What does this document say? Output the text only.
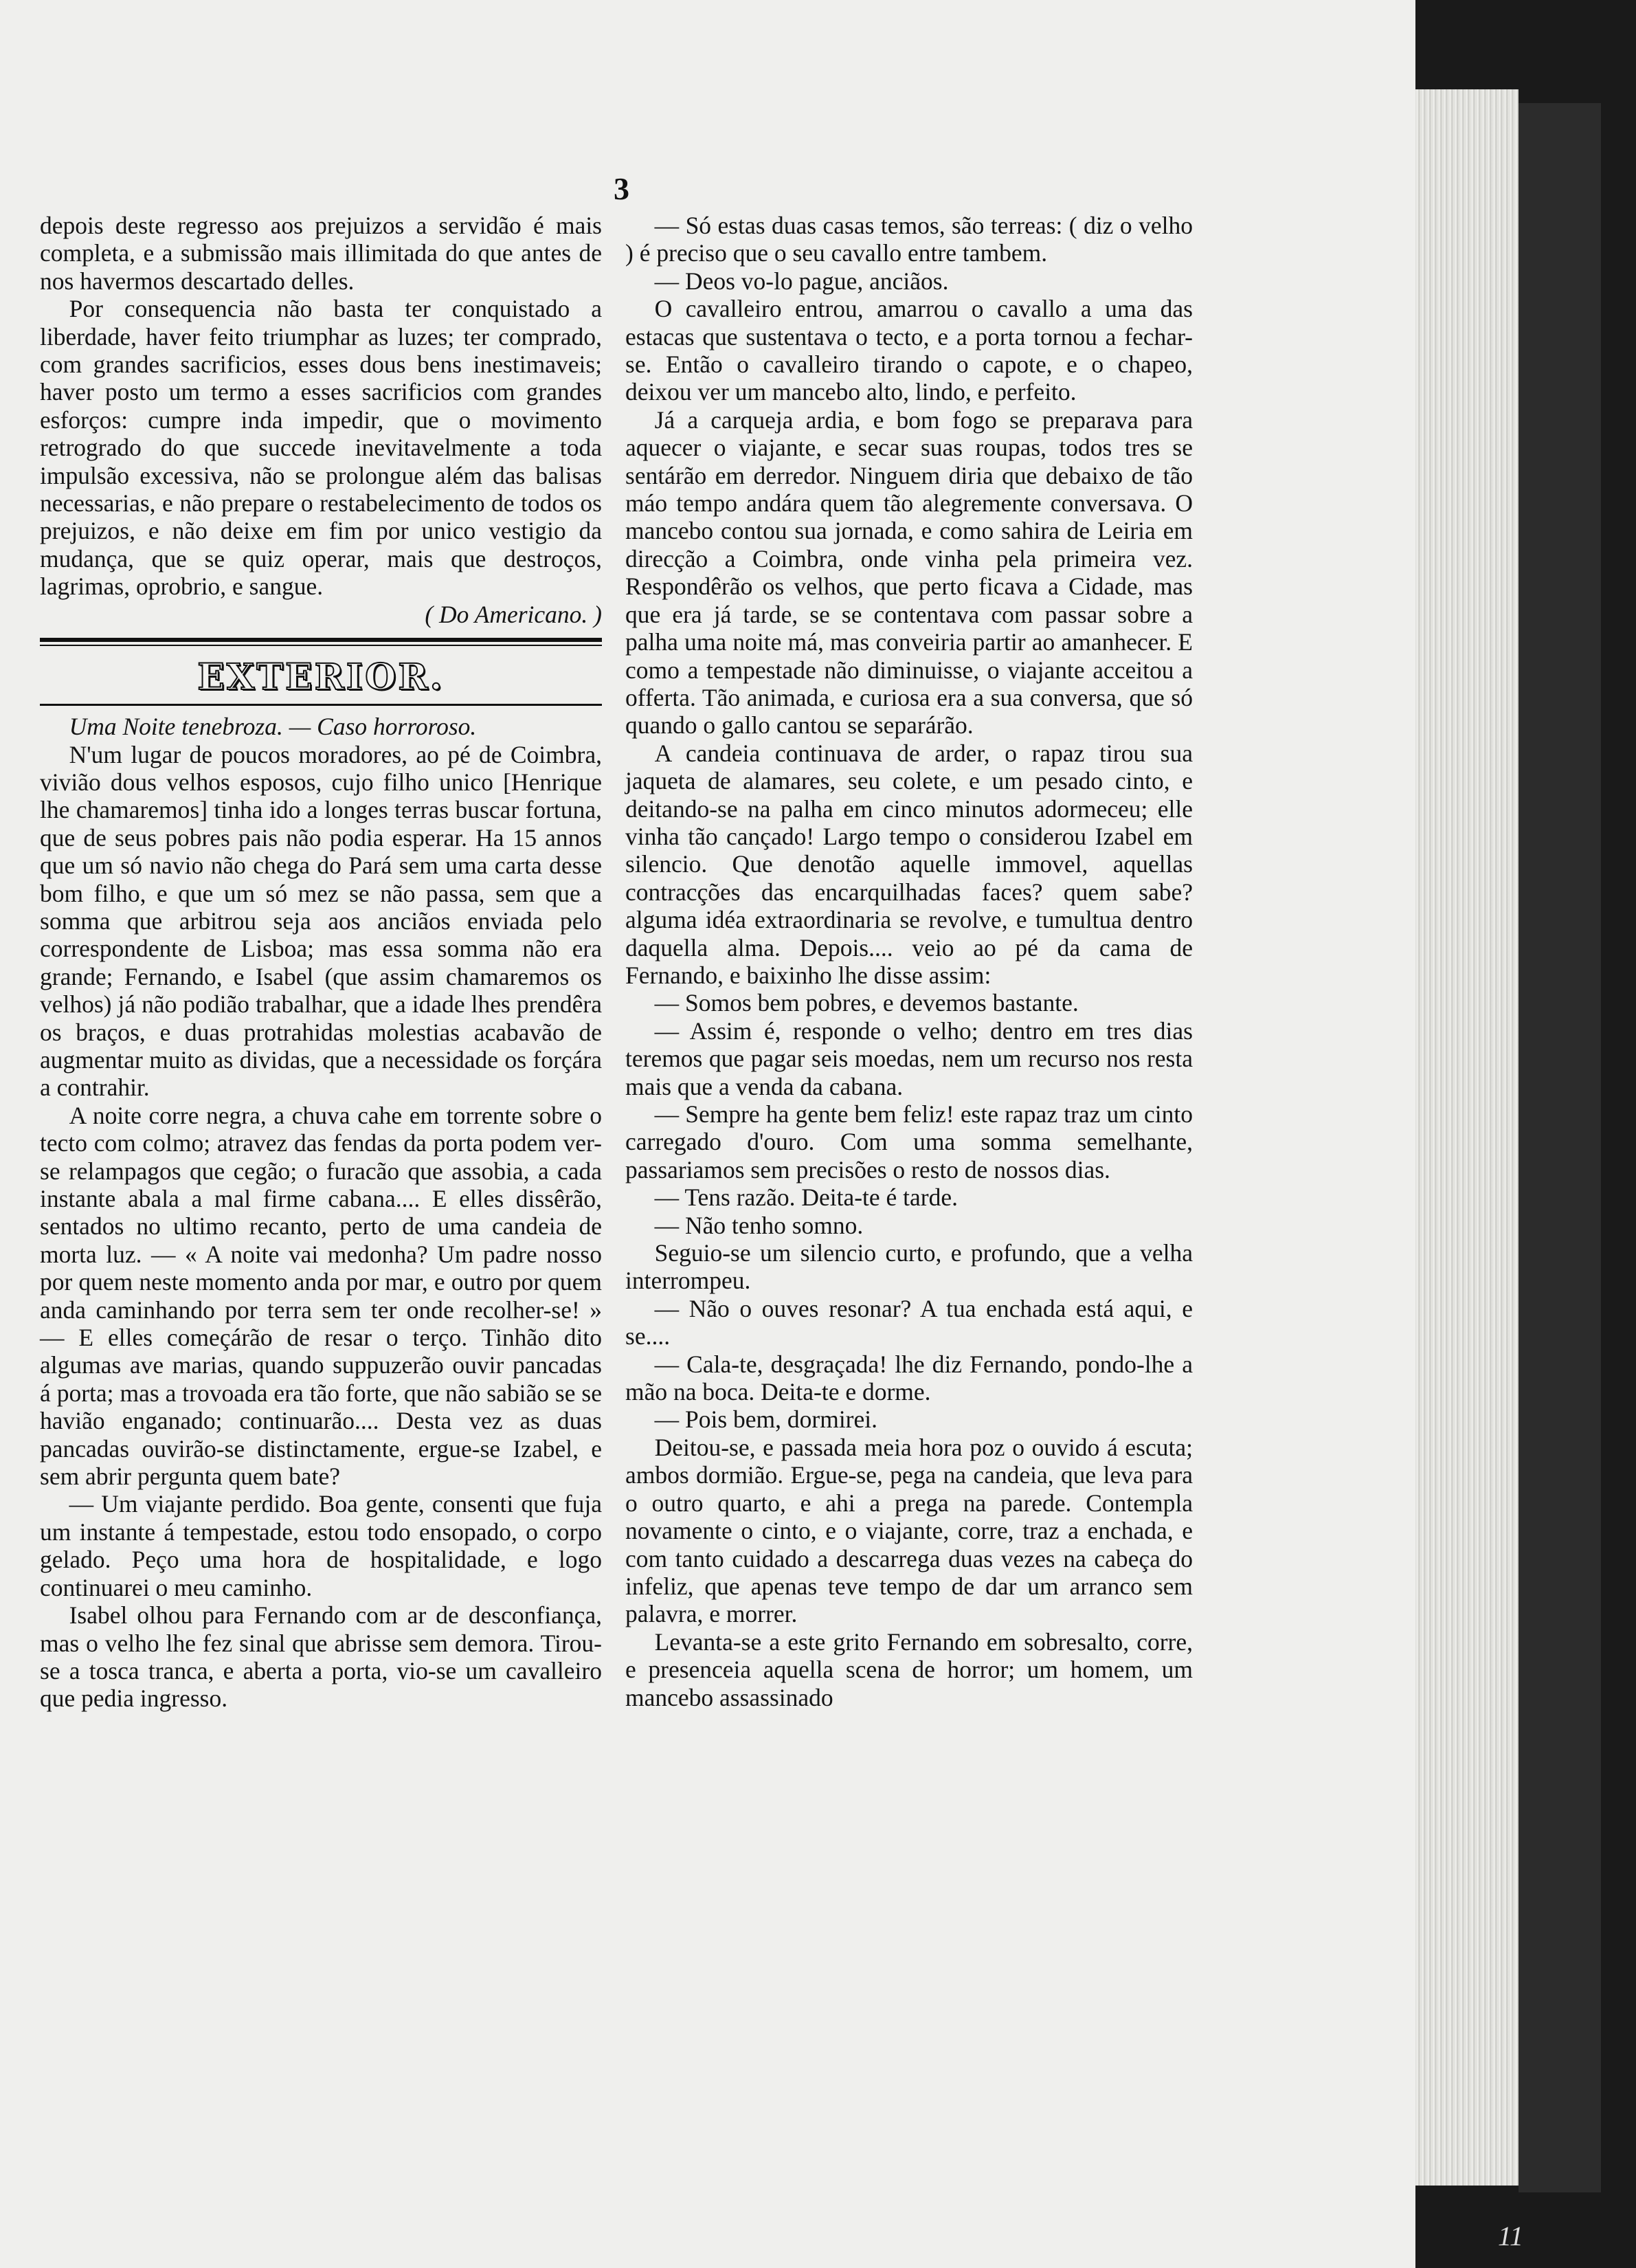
3

depois deste regresso aos prejuizos a servidão é mais completa, e a submissão mais illimitada do que antes de nos havermos descartado delles.

Por consequencia não basta ter conquistado a liberdade, haver feito triumphar as luzes; ter comprado, com grandes sacrificios, esses dous bens inestimaveis; haver posto um termo a esses sacrificios com grandes esforços: cumpre inda impedir, que o movimento retrogrado do que succede inevitavelmente a toda impulsão excessiva, não se prolongue além das balisas necessarias, e não prepare o restabelecimento de todos os prejuizos, e não deixe em fim por unico vestigio da mudança, que se quiz operar, mais que destroços, lagrimas, oprobrio, e sangue.

( Do Americano. )

EXTERIOR.

Uma Noite tenebroza. — Caso horroroso.

N'um lugar de poucos moradores, ao pé de Coimbra, vivião dous velhos esposos, cujo filho unico [Henrique lhe chamaremos] tinha ido a longes terras buscar fortuna, que de seus pobres pais não podia esperar. Ha 15 annos que um só navio não chega do Pará sem uma carta desse bom filho, e que um só mez se não passa, sem que a somma que arbitrou seja aos anciãos enviada pelo correspondente de Lisboa; mas essa somma não era grande; Fernando, e Isabel (que assim chamaremos os velhos) já não podião trabalhar, que a idade lhes prendêra os braços, e duas protrahidas molestias acabavão de augmentar muito as dividas, que a necessidade os forçára a contrahir.

A noite corre negra, a chuva cahe em torrente sobre o tecto com colmo; atravez das fendas da porta podem ver-se relampagos que cegão; o furacão que assobia, a cada instante abala a mal firme cabana.... E elles dissêrão, sentados no ultimo recanto, perto de uma candeia de morta luz. — « A noite vai medonha? Um padre nosso por quem neste momento anda por mar, e outro por quem anda caminhando por terra sem ter onde recolher-se! » — E elles começárão de resar o terço. Tinhão dito algumas ave marias, quando suppuzerão ouvir pancadas á porta; mas a trovoada era tão forte, que não sabião se se havião enganado; continuarão.... Desta vez as duas pancadas ouvirão-se distinctamente, ergue-se Izabel, e sem abrir pergunta quem bate?

— Um viajante perdido. Boa gente, consenti que fuja um instante á tempestade, estou todo ensopado, o corpo gelado. Peço uma hora de hospitalidade, e logo continuarei o meu caminho.

Isabel olhou para Fernando com ar de desconfiança, mas o velho lhe fez sinal que abrisse sem demora. Tirou-se a tosca tranca, e aberta a porta, vio-se um cavalleiro que pedia ingresso.

— Só estas duas casas temos, são terreas: ( diz o velho ) é preciso que o seu cavallo entre tambem.

— Deos vo-lo pague, anciãos.

O cavalleiro entrou, amarrou o cavallo a uma das estacas que sustentava o tecto, e a porta tornou a fechar-se. Então o cavalleiro tirando o capote, e o chapeo, deixou ver um mancebo alto, lindo, e perfeito.

Já a carqueja ardia, e bom fogo se preparava para aquecer o viajante, e secar suas roupas, todos tres se sentárão em derredor. Ninguem diria que debaixo de tão máo tempo andára quem tão alegremente conversava. O mancebo contou sua jornada, e como sahira de Leiria em direcção a Coimbra, onde vinha pela primeira vez. Respondêrão os velhos, que perto ficava a Cidade, mas que era já tarde, se se contentava com passar sobre a palha uma noite má, mas conveiria partir ao amanhecer. E como a tempestade não diminuisse, o viajante acceitou a offerta. Tão animada, e curiosa era a sua conversa, que só quando o gallo cantou se separárão.

A candeia continuava de arder, o rapaz tirou sua jaqueta de alamares, seu colete, e um pesado cinto, e deitando-se na palha em cinco minutos adormeceu; elle vinha tão cançado! Largo tempo o considerou Izabel em silencio. Que denotão aquelle immovel, aquellas contracções das encarquilhadas faces? quem sabe? alguma idéa extraordinaria se revolve, e tumultua dentro daquella alma. Depois.... veio ao pé da cama de Fernando, e baixinho lhe disse assim:

— Somos bem pobres, e devemos bastante.

— Assim é, responde o velho; dentro em tres dias teremos que pagar seis moedas, nem um recurso nos resta mais que a venda da cabana.

— Sempre ha gente bem feliz! este rapaz traz um cinto carregado d'ouro. Com uma somma semelhante, passariamos sem precisões o resto de nossos dias.

— Tens razão. Deita-te é tarde.

— Não tenho somno.

Seguio-se um silencio curto, e profundo, que a velha interrompeu.

— Não o ouves resonar? A tua enchada está aqui, e se....

— Cala-te, desgraçada! lhe diz Fernando, pondo-lhe a mão na boca. Deita-te e dorme.

— Pois bem, dormirei.

Deitou-se, e passada meia hora poz o ouvido á escuta; ambos dormião. Ergue-se, pega na candeia, que leva para o outro quarto, e ahi a prega na parede. Contempla novamente o cinto, e o viajante, corre, traz a enchada, e com tanto cuidado a descarrega duas vezes na cabeça do infeliz, que apenas teve tempo de dar um arranco sem palavra, e morrer.

Levanta-se a este grito Fernando em sobresalto, corre, e presenceia aquella scena de horror; um homem, um mancebo assassinado

11
